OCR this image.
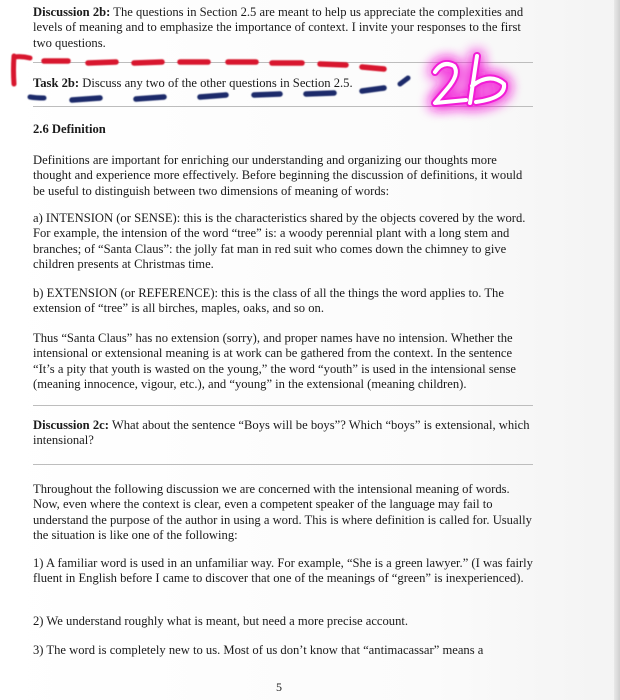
Discussion 2b: The questions in Section 2.5 are meant to help us appreciate the complexities and levels of meaning and to emphasize the importance of context. I invite your responses to the first two questions.

Task 2b: Discuss any two of the other questions in Section 2.5.

2.6 Definition

Definitions are important for enriching our understanding and organizing our thoughts more thought and experience more effectively. Before beginning the discussion of definitions, it would be useful to distinguish between two dimensions of meaning of words:

a) INTENSION (or SENSE): this is the characteristics shared by the objects covered by the word. For example, the intension of the word “tree” is: a woody perennial plant with a long stem and branches; of “Santa Claus”: the jolly fat man in red suit who comes down the chimney to give children presents at Christmas time.

b) EXTENSION (or REFERENCE): this is the class of all the things the word applies to. The extension of “tree” is all birches, maples, oaks, and so on.

Thus “Santa Claus” has no extension (sorry), and proper names have no intension. Whether the intensional or extensional meaning is at work can be gathered from the context. In the sentence “It’s a pity that youth is wasted on the young,” the word “youth” is used in the intensional sense (meaning innocence, vigour, etc.), and “young” in the extensional (meaning children).

Discussion 2c: What about the sentence “Boys will be boys”? Which “boys” is extensional, which intensional?

Throughout the following discussion we are concerned with the intensional meaning of words. Now, even where the context is clear, even a competent speaker of the language may fail to understand the purpose of the author in using a word. This is where definition is called for. Usually the situation is like one of the following:

1) A familiar word is used in an unfamiliar way. For example, “She is a green lawyer.” (I was fairly fluent in English before I came to discover that one of the meanings of “green” is inexperienced).

2) We understand roughly what is meant, but need a more precise account.

3) The word is completely new to us. Most of us don’t know that “antimacassar” means a

5
